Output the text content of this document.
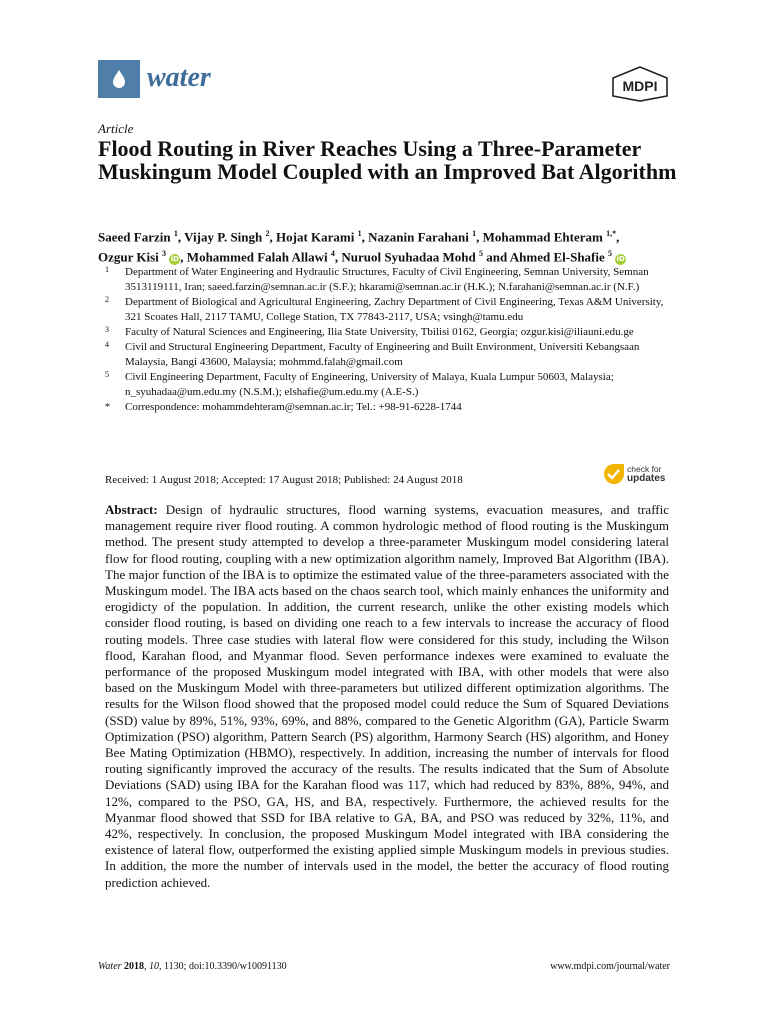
water	MDPI
Article
Flood Routing in River Reaches Using a Three-Parameter Muskingum Model Coupled with an Improved Bat Algorithm
Saeed Farzin $^1$, Vijay P. Singh $^2$, Hojat Karami $^1$, Nazanin Farahani $^1$, Mohammad Ehteram $^{1,*}$,
Ozgur Kisi $^3$ iD, Mohammed Falah Allawi $^4$, Nuruol Syuhadaa Mohd $^5$ and Ahmed El-Shafie $^5$ iD
1 Department of Water Engineering and Hydraulic Structures, Faculty of Civil Engineering, Semnan University, Semnan 3513119111, Iran; saeed.farzin@semnan.ac.ir (S.F.); hkarami@semnan.ac.ir (H.K.); N.farahani@semnan.ac.ir (N.F.)
2 Department of Biological and Agricultural Engineering, Zachry Department of Civil Engineering, Texas A&M University, 321 Scoates Hall, 2117 TAMU, College Station, TX 77843-2117, USA; vsingh@tamu.edu
3 Faculty of Natural Sciences and Engineering, Ilia State University, Tbilisi 0162, Georgia; ozgur.kisi@iliauni.edu.ge
4 Civil and Structural Engineering Department, Faculty of Engineering and Built Environment, Universiti Kebangsaan Malaysia, Bangi 43600, Malaysia; mohmmd.falah@gmail.com
5 Civil Engineering Department, Faculty of Engineering, University of Malaya, Kuala Lumpur 50603, Malaysia; n_syuhadaa@um.edu.my (N.S.M.); elshafie@um.edu.my (A.E-S.)
* Correspondence: mohammdehteram@semnan.ac.ir; Tel.: +98-91-6228-1744
Received: 1 August 2018; Accepted: 17 August 2018; Published: 24 August 2018
check for
updates

Abstract: Design of hydraulic structures, flood warning systems, evacuation measures, and traffic management require river flood routing. A common hydrologic method of flood routing is the Muskingum method. The present study attempted to develop a three-parameter Muskingum model considering lateral flow for flood routing, coupling with a new optimization algorithm namely, Improved Bat Algorithm (IBA). The major function of the IBA is to optimize the estimated value of the three-parameters associated with the Muskingum model. The IBA acts based on the chaos search tool, which mainly enhances the uniformity and erogidicty of the population. In addition, the current research, unlike the other existing models which consider flood routing, is based on dividing one reach to a few intervals to increase the accuracy of flood routing models. Three case studies with lateral flow were considered for this study, including the Wilson flood, Karahan flood, and Myanmar flood. Seven performance indexes were examined to evaluate the performance of the proposed Muskingum model integrated with IBA, with other models that were also based on the Muskingum Model with three-parameters but utilized different optimization algorithms. The results for the Wilson flood showed that the proposed model could reduce the Sum of Squared Deviations (SSD) value by 89%, 51%, 93%, 69%, and 88%, compared to the Genetic Algorithm (GA), Particle Swarm Optimization (PSO) algorithm, Pattern Search (PS) algorithm, Harmony Search (HS) algorithm, and Honey Bee Mating Optimization (HBMO), respectively. In addition, increasing the number of intervals for flood routing significantly improved the accuracy of the results. The results indicated that the Sum of Absolute Deviations (SAD) using IBA for the Karahan flood was 117, which had reduced by 83%, 88%, 94%, and 12%, compared to the PSO, GA, HS, and BA, respectively. Furthermore, the achieved results for the Myanmar flood showed that SSD for IBA relative to GA, BA, and PSO was reduced by 32%, 11%, and 42%, respectively. In conclusion, the proposed Muskingum Model integrated with IBA considering the existence of lateral flow, outperformed the existing applied simple Muskingum models in previous studies. In addition, the more the number of intervals used in the model, the better the accuracy of flood routing prediction achieved.

Water 2018, 10, 1130; doi:10.3390/w10091130	www.mdpi.com/journal/water
